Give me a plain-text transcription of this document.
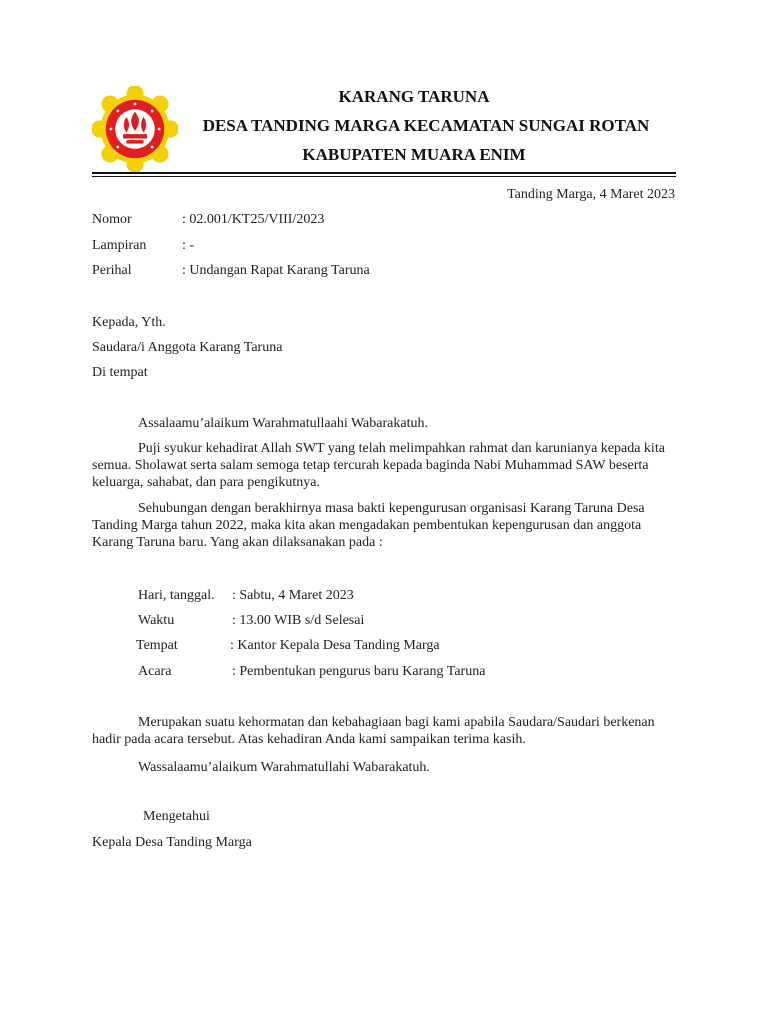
KARANG TARUNA
DESA TANDING MARGA KECAMATAN SUNGAI ROTAN
KABUPATEN MUARA ENIM
Tanding Marga, 4 Maret 2023
Nomor	: 02.001/KT25/VIII/2023
Lampiran	: -
Perihal	: Undangan Rapat Karang Taruna
Kepada, Yth.
Saudara/i Anggota Karang Taruna
Di tempat
Assalaamu’alaikum Warahmatullaahi Wabarakatuh.

Puji syukur kehadirat Allah SWT yang telah melimpahkan rahmat dan karunianya kepada kita semua. Sholawat serta salam semoga tetap tercurah kepada baginda Nabi Muhammad SAW beserta keluarga, sahabat, dan para pengikutnya.

Sehubungan dengan berakhirnya masa bakti kepengurusan organisasi Karang Taruna Desa Tanding Marga tahun 2022, maka kita akan mengadakan pembentukan kepengurusan dan anggota Karang Taruna baru. Yang akan dilaksanakan pada :

Hari, tanggal. : Sabtu, 4 Maret 2023
Waktu	: 13.00 WIB s/d Selesai
Tempat	: Kantor Kepala Desa Tanding Marga
Acara	: Pembentukan pengurus baru Karang Taruna

Merupakan suatu kehormatan dan kebahagiaan bagi kami apabila Saudara/Saudari berkenan hadir pada acara tersebut. Atas kehadiran Anda kami sampaikan terima kasih.

Wassalaamu’alaikum Warahmatullahi Wabarakatuh.
Mengetahui
Kepala Desa Tanding Marga
